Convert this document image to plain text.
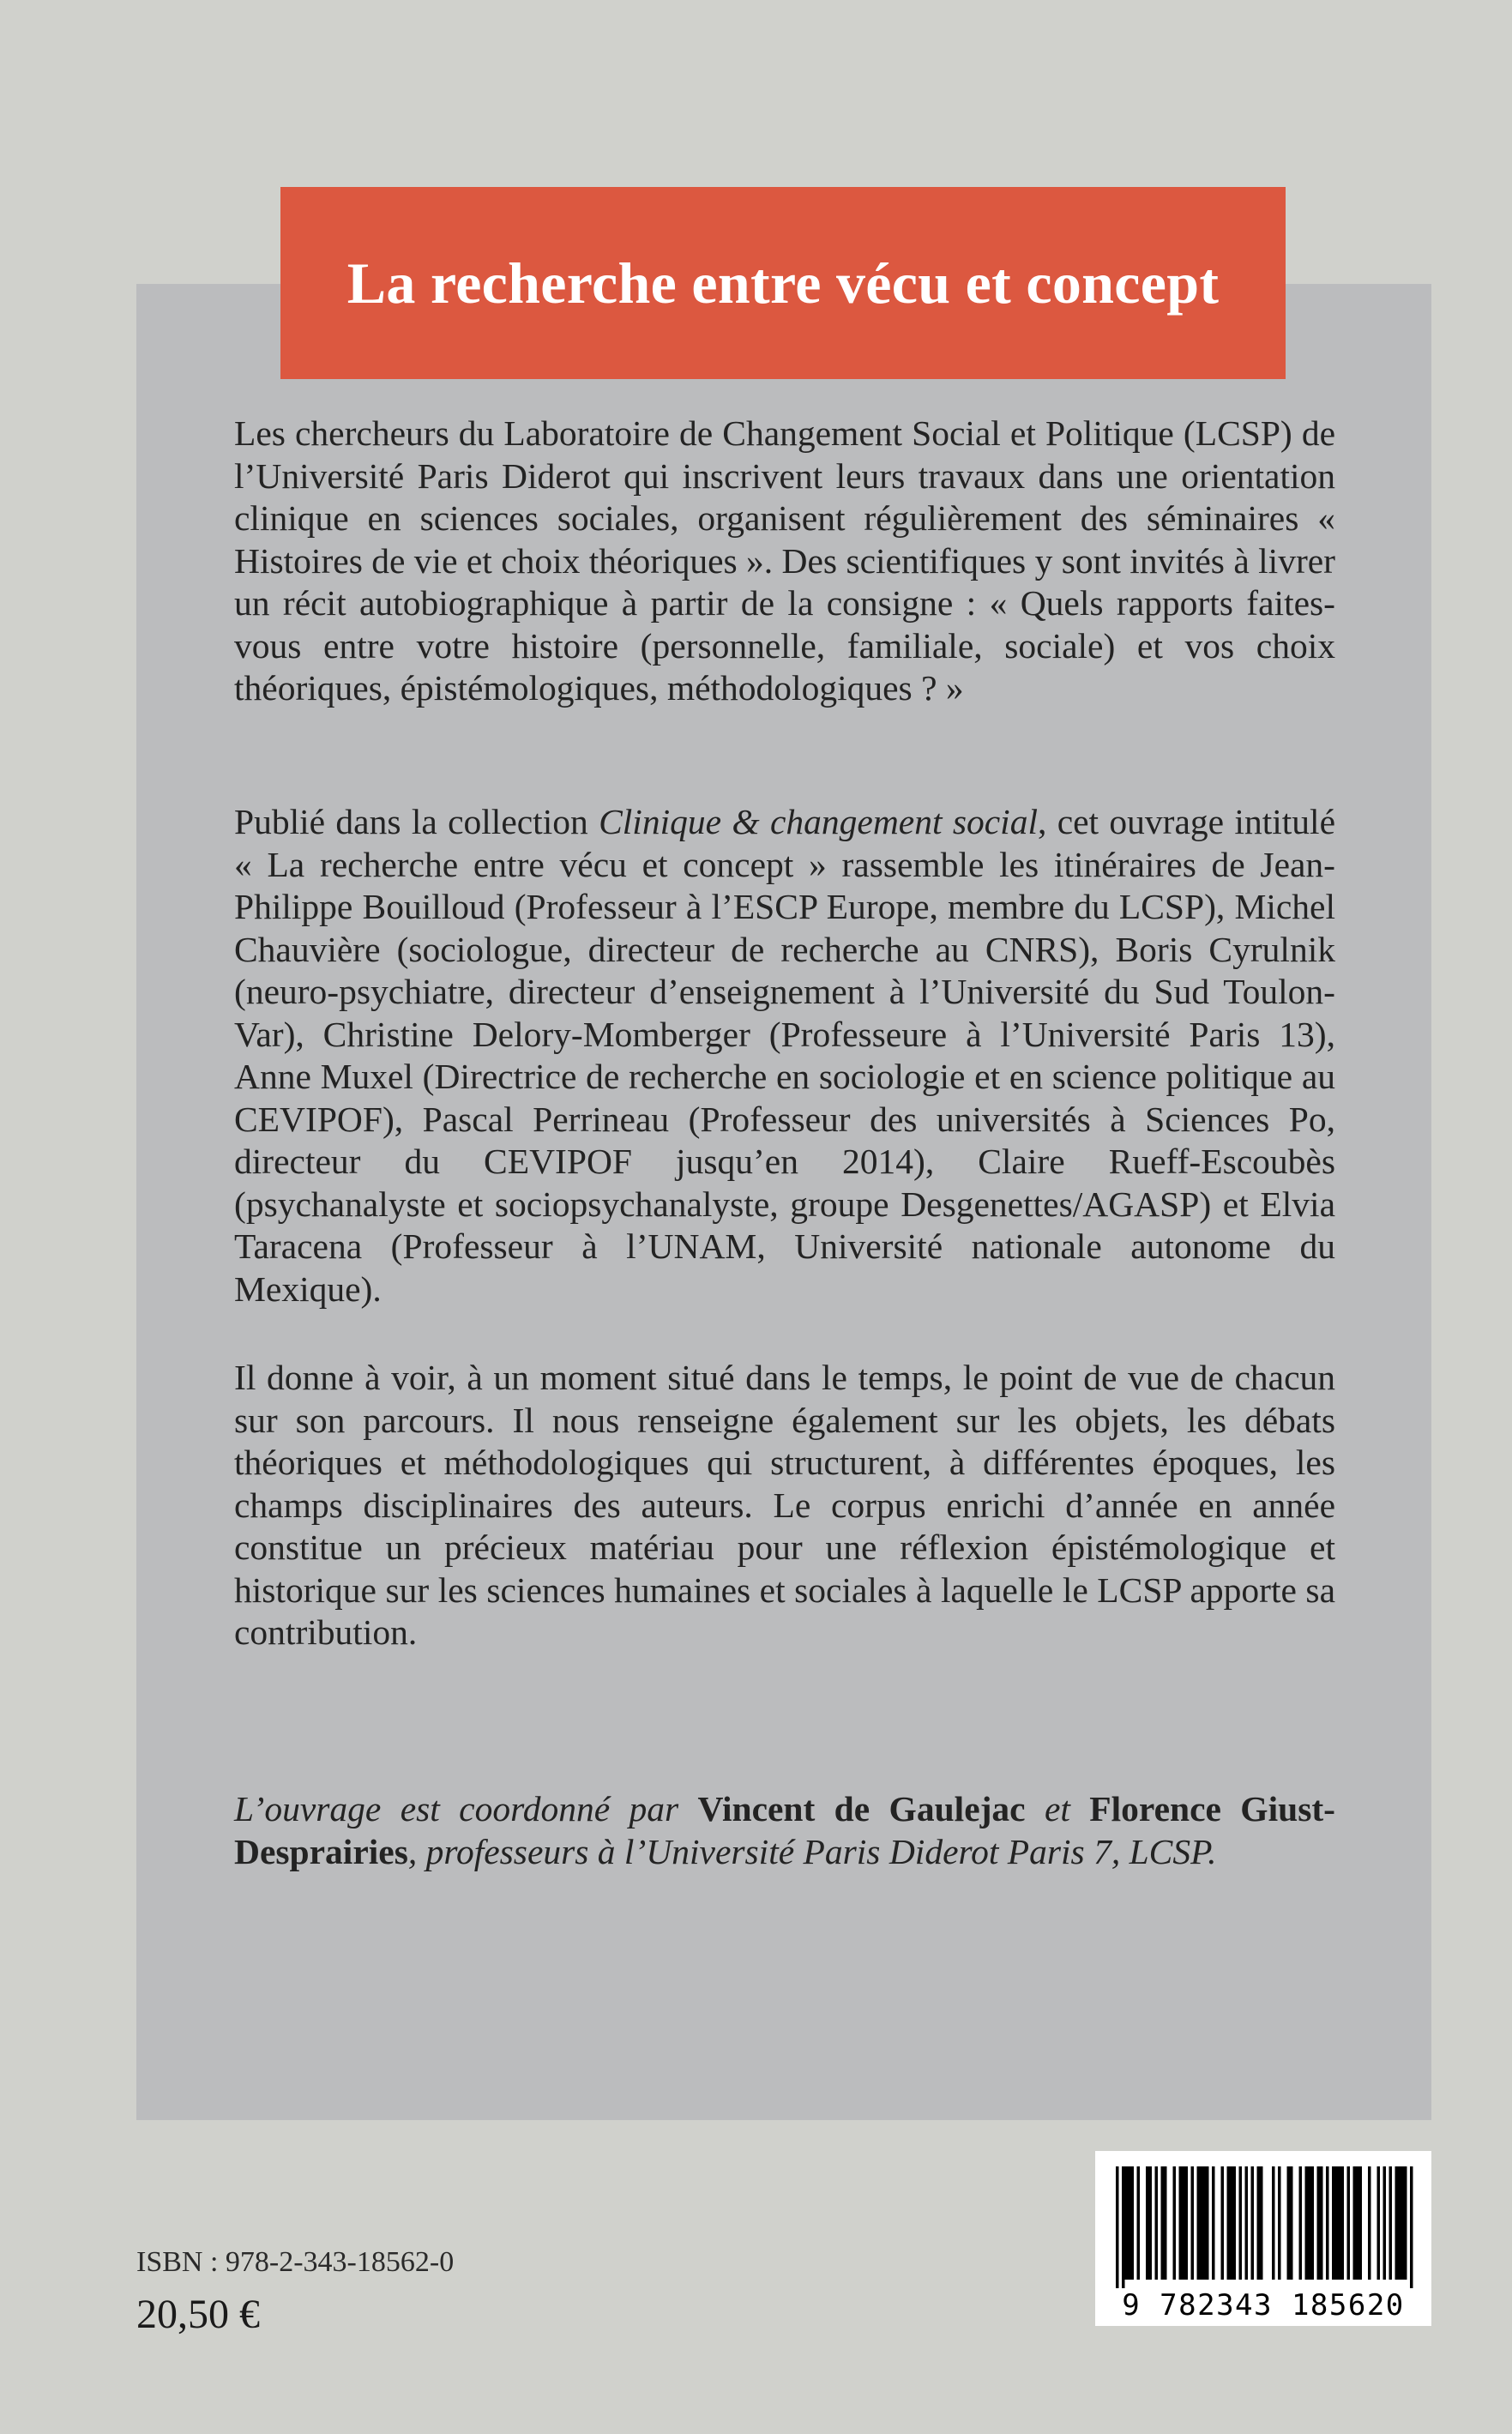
La recherche entre vécu et concept

Les chercheurs du Laboratoire de Changement Social et Politique (LCSP) de l’Université Paris Diderot qui inscrivent leurs travaux dans une orientation clinique en sciences sociales, organisent régulièrement des séminaires « Histoires de vie et choix théoriques ». Des scientifiques y sont invités à livrer un récit autobiographique à partir de la consigne : « Quels rapports faites-vous entre votre histoire (personnelle, familiale, sociale) et vos choix théoriques, épistémologiques, méthodologiques ? »

Publié dans la collection Clinique & changement social, cet ouvrage intitulé « La recherche entre vécu et concept » rassemble les itinéraires de Jean-Philippe Bouilloud (Professeur à l’ESCP Europe, membre du LCSP), Michel Chauvière (sociologue, directeur de recherche au CNRS), Boris Cyrulnik (neuro-psychiatre, directeur d’enseignement à l’Université du Sud Toulon-Var), Christine Delory-Momberger (Professeure à l’Université Paris 13), Anne Muxel (Directrice de recherche en sociologie et en science politique au CEVIPOF), Pascal Perrineau (Professeur des universités à Sciences Po, directeur du CEVIPOF jusqu’en 2014), Claire Rueff-Escoubès (psychanalyste et sociopsychanalyste, groupe Desgenettes/AGASP) et Elvia Taracena (Professeur à l’UNAM, Université nationale autonome du Mexique).

Il donne à voir, à un moment situé dans le temps, le point de vue de chacun sur son parcours. Il nous renseigne également sur les objets, les débats théoriques et méthodologiques qui structurent, à différentes époques, les champs disciplinaires des auteurs. Le corpus enrichi d’année en année constitue un précieux matériau pour une réflexion épistémologique et historique sur les sciences humaines et sociales à laquelle le LCSP apporte sa contribution.

L’ouvrage est coordonné par Vincent de Gaulejac et Florence Giust-Desprairies, professeurs à l’Université Paris Diderot Paris 7, LCSP.

9 782343 185620
ISBN : 978-2-343-18562-0
20,50 €
